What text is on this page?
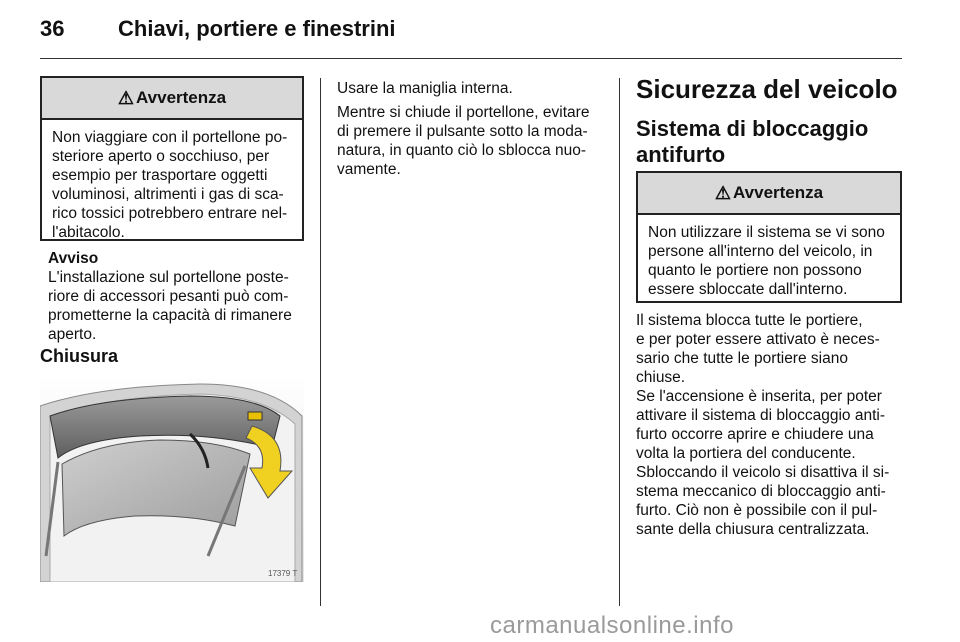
36 Chiavi, portiere e finestrini
⚠ Avvertenza
Non viaggiare con il portellone po-
steriore aperto o socchiuso, per
esempio per trasportare oggetti
voluminosi, altrimenti i gas di sca-
rico tossici potrebbero entrare nel-
l'abitacolo.
Avviso
L'installazione sul portellone poste-
riore di accessori pesanti può com-
prometterne la capacità di rimanere
aperto.
Chiusura
17379 T
Usare la maniglia interna.
Mentre si chiude il portellone, evitare
di premere il pulsante sotto la moda-
natura, in quanto ciò lo sblocca nuo-
vamente.
Sicurezza del veicolo
Sistema di bloccaggio
antifurto
⚠ Avvertenza
Non utilizzare il sistema se vi sono
persone all'interno del veicolo, in
quanto le portiere non possono
essere sbloccate dall'interno.
Il sistema blocca tutte le portiere,
e per poter essere attivato è neces-
sario che tutte le portiere siano
chiuse.
Se l'accensione è inserita, per poter
attivare il sistema di bloccaggio anti-
furto occorre aprire e chiudere una
volta la portiera del conducente.
Sbloccando il veicolo si disattiva il si-
stema meccanico di bloccaggio anti-
furto. Ciò non è possibile con il pul-
sante della chiusura centralizzata.
carmanualsonline.info
